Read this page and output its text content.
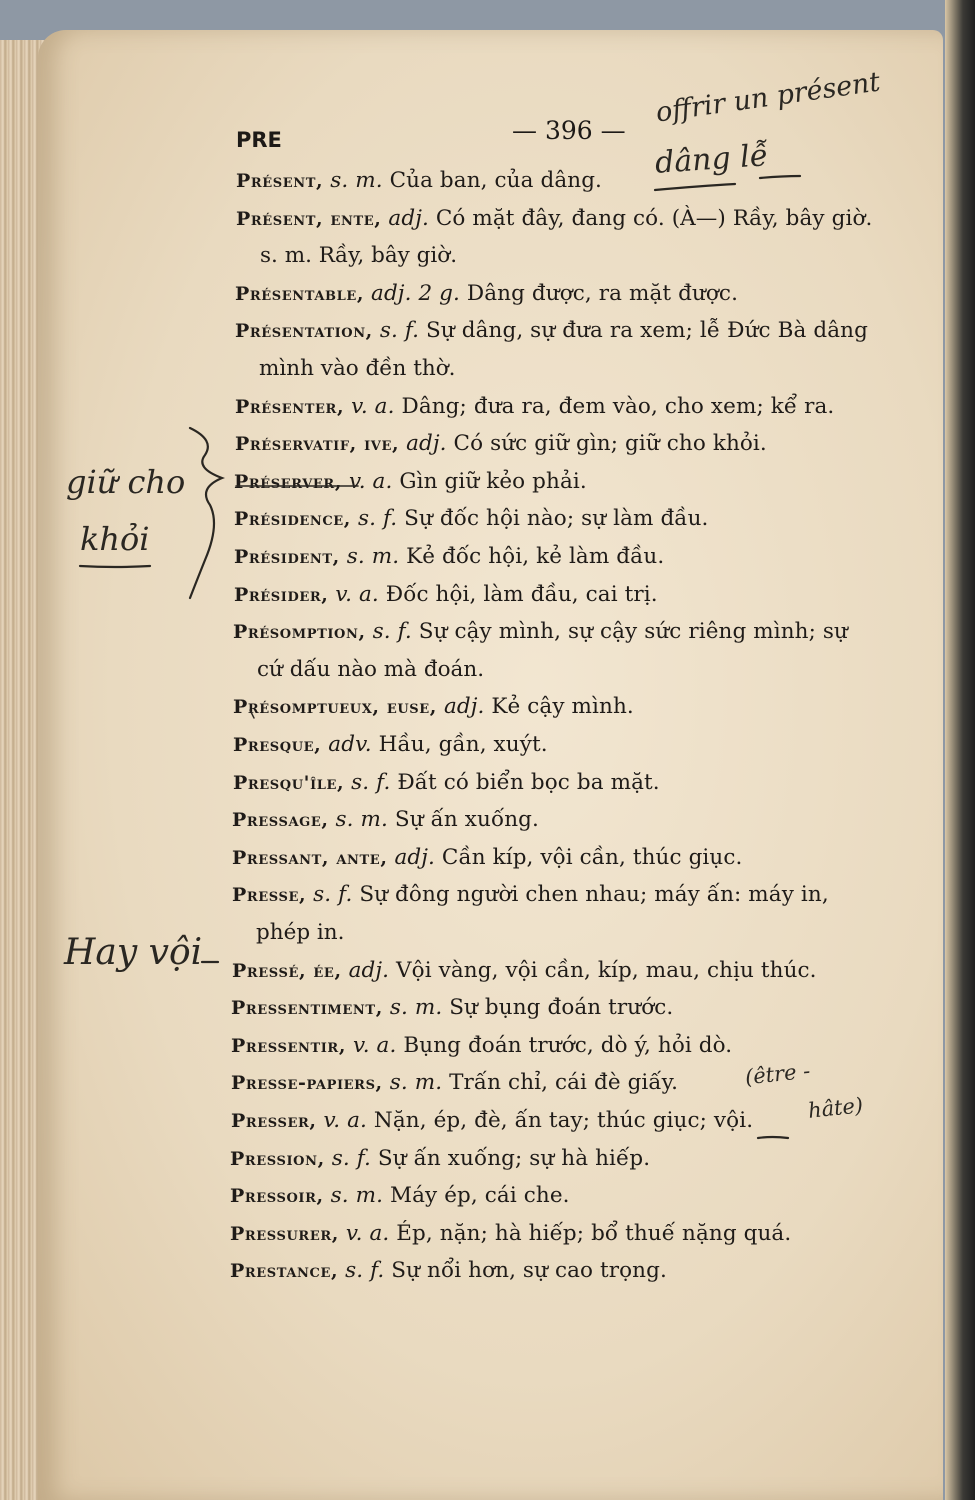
PRE	— 396 —
Présent, s. m. Của ban, của dâng.
Présent, ente, adj. Có mặt đây, đang có. (À—) Rầy, bây giờ.
s. m. Rầy, bây giờ.
Présentable, adj. 2 g. Dâng được, ra mặt được.
Présentation, s. f. Sự dâng, sự đưa ra xem; lễ Đức Bà dâng
mình vào đền thờ.
Présenter, v. a. Dâng; đưa ra, đem vào, cho xem; kể ra.
Préservatif, ive, adj. Có sức giữ gìn; giữ cho khỏi.
Préserver, v. a. Gìn giữ kẻo phải.
Présidence, s. f. Sự đốc hội nào; sự làm đầu.
Président, s. m. Kẻ đốc hội, kẻ làm đầu.
Présider, v. a. Đốc hội, làm đầu, cai trị.
Présomption, s. f. Sự cậy mình, sự cậy sức riêng mình; sự
cứ dấu nào mà đoán.
Présomptueux, euse, adj. Kẻ cậy mình.
Presque, adv. Hầu, gần, xuýt.
Presqu'île, s. f. Đất có biển bọc ba mặt.
Pressage, s. m. Sự ấn xuống.
Pressant, ante, adj. Cần kíp, vội cần, thúc giục.
Presse, s. f. Sự đông người chen nhau; máy ấn: máy in,
phép in.
Pressé, ée, adj. Vội vàng, vội cần, kíp, mau, chịu thúc.
Pressentiment, s. m. Sự bụng đoán trước.
Pressentir, v. a. Bụng đoán trước, dò ý, hỏi dò.
Presse-papiers, s. m. Trấn chỉ, cái đè giấy.
Presser, v. a. Nặn, ép, đè, ấn tay; thúc giục; vội.
Pression, s. f. Sự ấn xuống; sự hà hiếp.
Pressoir, s. m. Máy ép, cái che.
Pressurer, v. a. Ép, nặn; hà hiếp; bổ thuế nặng quá.
Prestance, s. f. Sự nổi hơn, sự cao trọng.
offrir un présent
dâng lễ
giữ cho
khỏi
Hay vội
(être -
hâte)
